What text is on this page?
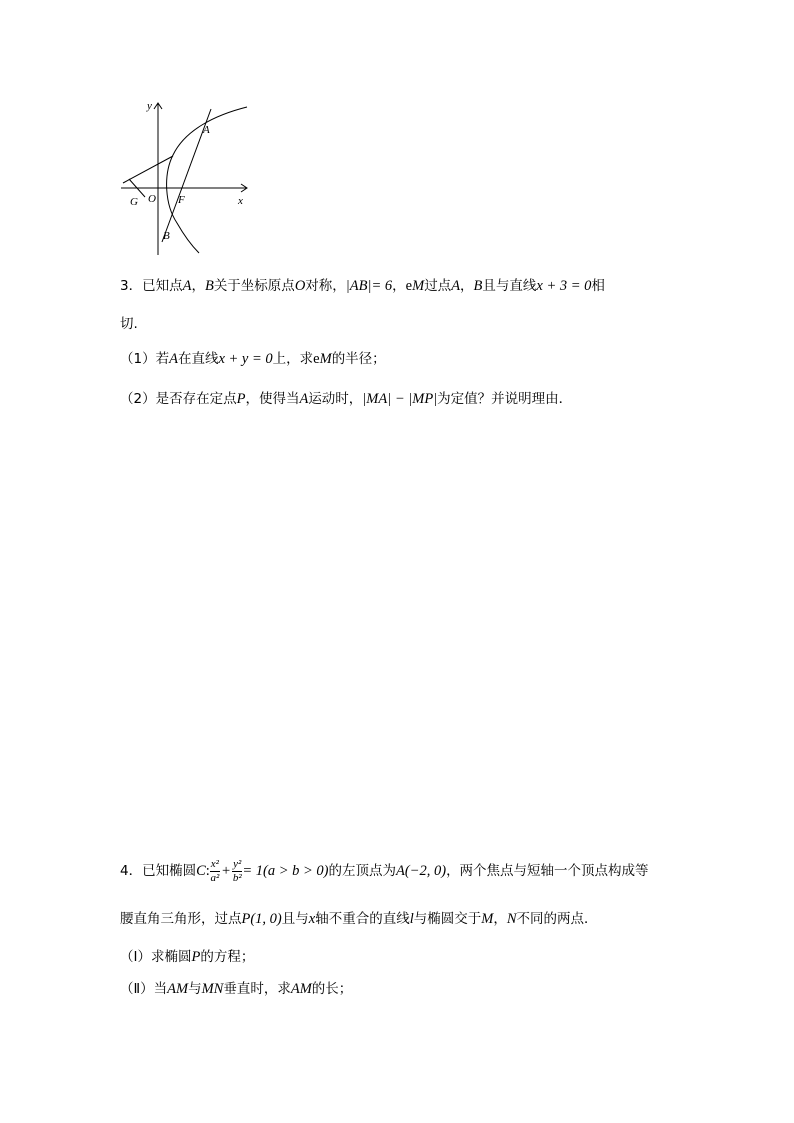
y
A
G O F	x
B
3．已知点A，B关于坐标原点O对称，|AB|= 6，eM过点A，B且与直线x + 3 = 0相
切.
（1）若A在直线x + y = 0上，求eM的半径；
（2）是否存在定点P，使得当A运动时，|MA| − |MP|为定值？并说明理由．
4．已知椭圆C: $\frac{\text{x²}}{\text{a²}} + \frac{\text{y²}}{\text{b²}} = 1(a > b > 0)$的左顶点为A(−2, 0)，两个焦点与短轴一个顶点构成等
腰直角三角形，过点P(1, 0)且与x轴不重合的直线l与椭圆交于M，N不同的两点．
（Ⅰ）求椭圆P的方程；
（Ⅱ）当AM与MN垂直时，求AM的长；
